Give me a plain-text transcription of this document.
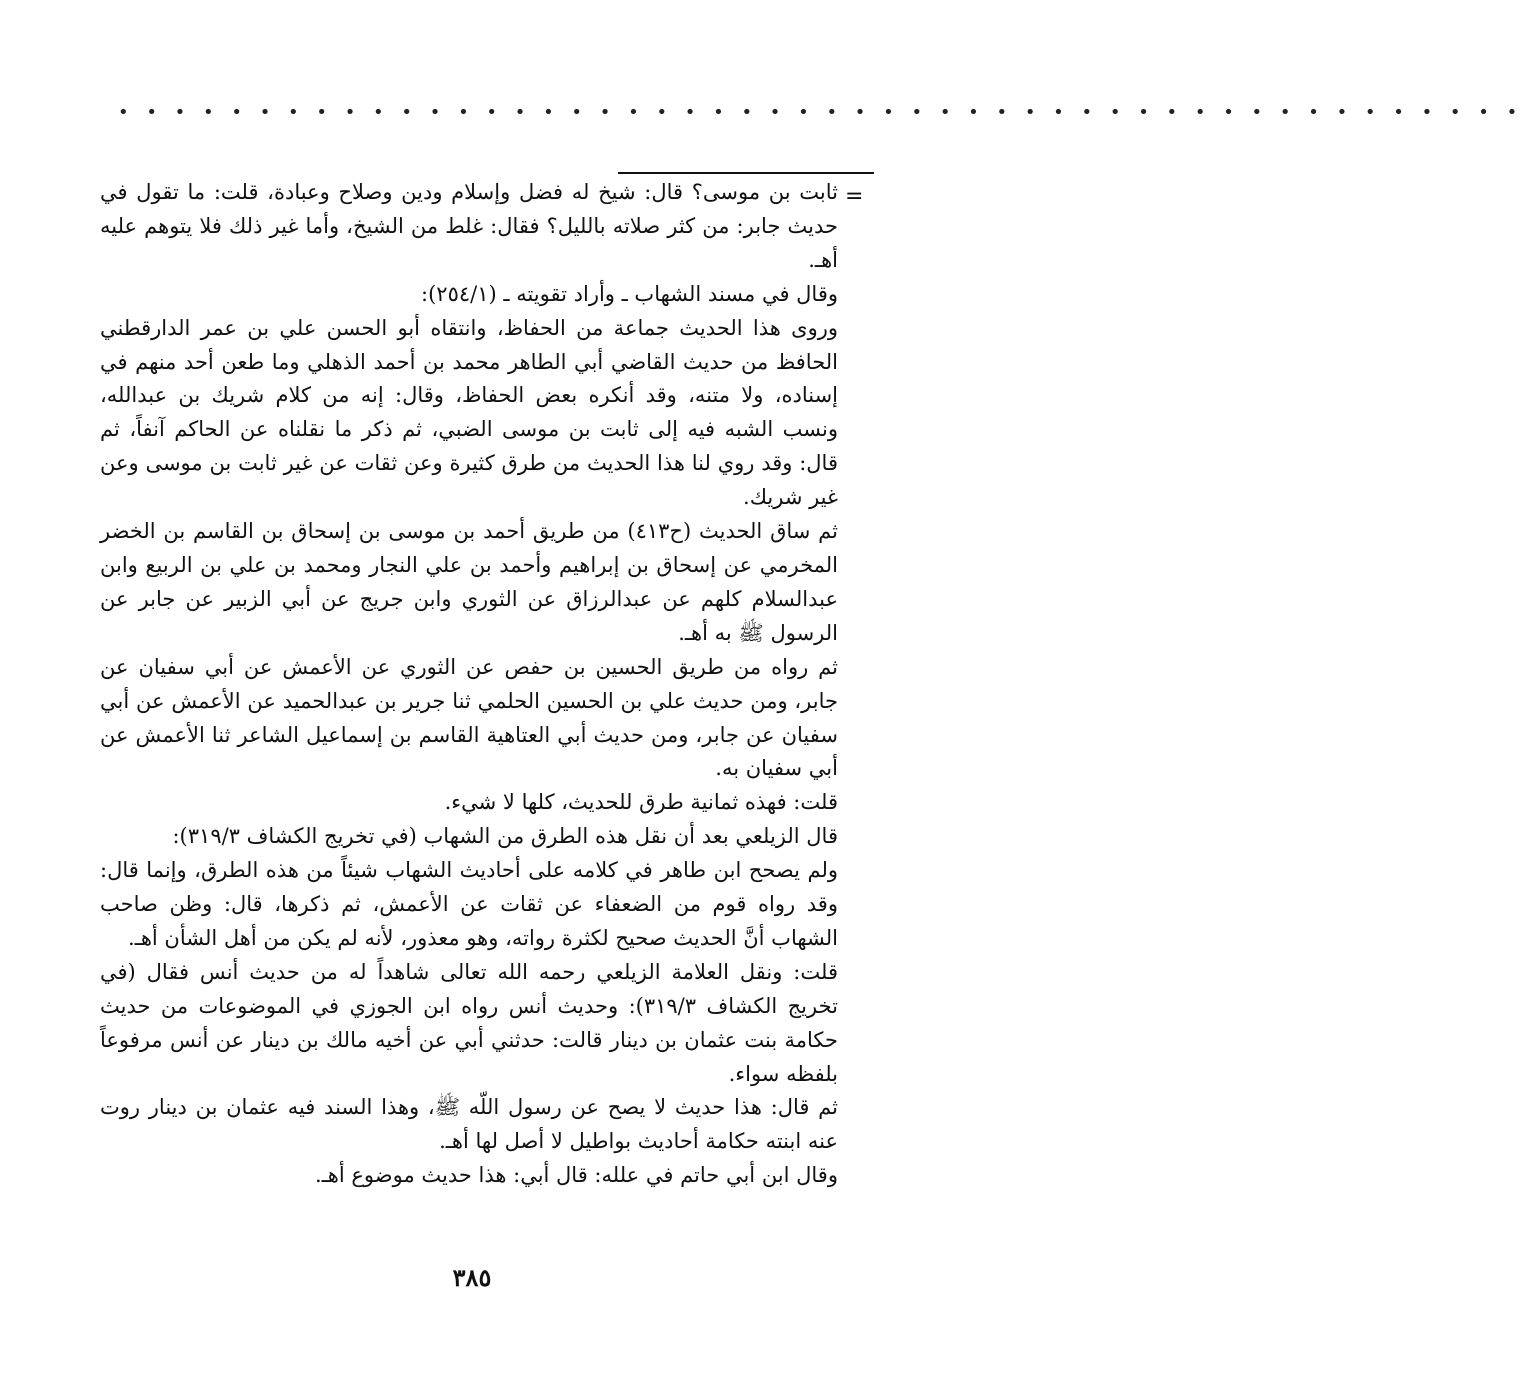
• • • • • • • • • • • • • • • • • • • • • • • • • • • • • • • • • • • • • • • • • • • • • • • • • •
=

ثابت بن موسى؟ قال: شيخ له فضل وإسلام ودين وصلاح وعبادة، قلت: ما تقول في حديث جابر: من كثر صلاته بالليل؟ فقال: غلط من الشيخ، وأما غير ذلك فلا يتوهم عليه أهـ.

وقال في مسند الشهاب ـ وأراد تقويته ـ (٢٥٤/١):

وروى هذا الحديث جماعة من الحفاظ، وانتقاه أبو الحسن علي بن عمر الدارقطني الحافظ من حديث القاضي أبي الطاهر محمد بن أحمد الذهلي وما طعن أحد منهم في إسناده، ولا متنه، وقد أنكره بعض الحفاظ، وقال: إنه من كلام شريك بن عبدالله، ونسب الشبه فيه إلى ثابت بن موسى الضبي، ثم ذكر ما نقلناه عن الحاكم آنفاً، ثم قال: وقد روي لنا هذا الحديث من طرق كثيرة وعن ثقات عن غير ثابت بن موسى وعن غير شريك.

ثم ساق الحديث (ح٤١٣) من طريق أحمد بن موسى بن إسحاق بن القاسم بن الخضر المخرمي عن إسحاق بن إبراهيم وأحمد بن علي النجار ومحمد بن علي بن الربيع وابن عبدالسلام كلهم عن عبدالرزاق عن الثوري وابن جريج عن أبي الزبير عن جابر عن الرسول ﷺ به أهـ.

ثم رواه من طريق الحسين بن حفص عن الثوري عن الأعمش عن أبي سفيان عن جابر، ومن حديث علي بن الحسين الحلمي ثنا جرير بن عبدالحميد عن الأعمش عن أبي سفيان عن جابر، ومن حديث أبي العتاهية القاسم بن إسماعيل الشاعر ثنا الأعمش عن أبي سفيان به.

قلت: فهذه ثمانية طرق للحديث، كلها لا شيء.

قال الزيلعي بعد أن نقل هذه الطرق من الشهاب (في تخريج الكشاف ٣١٩/٣):

ولم يصحح ابن طاهر في كلامه على أحاديث الشهاب شيئاً من هذه الطرق، وإنما قال: وقد رواه قوم من الضعفاء عن ثقات عن الأعمش، ثم ذكرها، قال: وظن صاحب الشهاب أنَّ الحديث صحيح لكثرة رواته، وهو معذور، لأنه لم يكن من أهل الشأن أهـ.

قلت: ونقل العلامة الزيلعي رحمه الله تعالى شاهداً له من حديث أنس فقال (في تخريج الكشاف ٣١٩/٣): وحديث أنس رواه ابن الجوزي في الموضوعات من حديث حكامة بنت عثمان بن دينار قالت: حدثني أبي عن أخيه مالك بن دينار عن أنس مرفوعاً بلفظه سواء.

ثم قال: هذا حديث لا يصح عن رسول اللّه ﷺ، وهذا السند فيه عثمان بن دينار روت عنه ابنته حكامة أحاديث بواطيل لا أصل لها أهـ.

وقال ابن أبي حاتم في علله: قال أبي: هذا حديث موضوع أهـ.

٣٨٥
